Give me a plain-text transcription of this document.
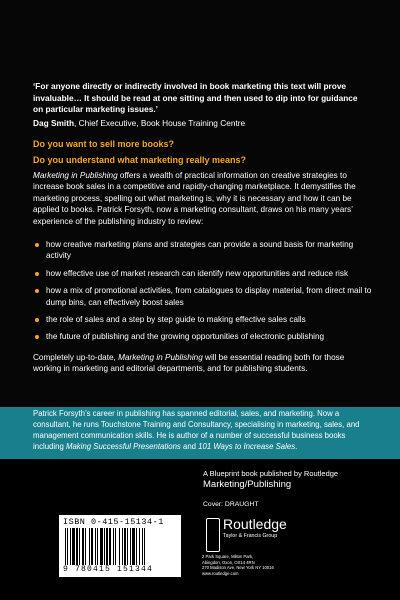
‘For anyone directly or indirectly involved in book marketing this text will prove invaluable… It should be read at one sitting and then used to dip into for guidance on particular marketing issues.’
Dag Smith, Chief Executive, Book House Training Centre
Do you want to sell more books?
Do you understand what marketing really means?
Marketing in Publishing offers a wealth of practical information on creative strategies to increase book sales in a competitive and rapidly-changing marketplace. It demystifies the marketing process, spelling out what marketing is, why it is necessary and how it can be applied to books. Patrick Forsyth, now a marketing consultant, draws on his many years’ experience of the publishing industry to review:
how creative marketing plans and strategies can provide a sound basis for marketing activity
how effective use of market research can identify new opportunities and reduce risk
how a mix of promotional activities, from catalogues to display material, from direct mail to dump bins, can effectively boost sales
the role of sales and a step by step guide to making effective sales calls
the future of publishing and the growing opportunities of electronic publishing
Completely up-to-date, Marketing in Publishing will be essential reading both for those working in marketing and editorial departments, and for publishing students.
Patrick Forsyth’s career in publishing has spanned editorial, sales, and marketing. Now a consultant, he runs Touchstone Training and Consultancy, specialising in marketing, sales, and management communication skills. He is author of a number of successful business books including Making Successful Presentations and 101 Ways to Increase Sales.
A Blueprint book published by Routledge
Marketing/Publishing
Cover: DRAUGHT
ISBN 0-415-15134-1
9 780415 151344
Routledge
Taylor & Francis Group
2 Park Square, Milton Park,
Abingdon, Oxon, OX14 4RN
270 Madison Ave, New York NY 10016
www.routledge.com
